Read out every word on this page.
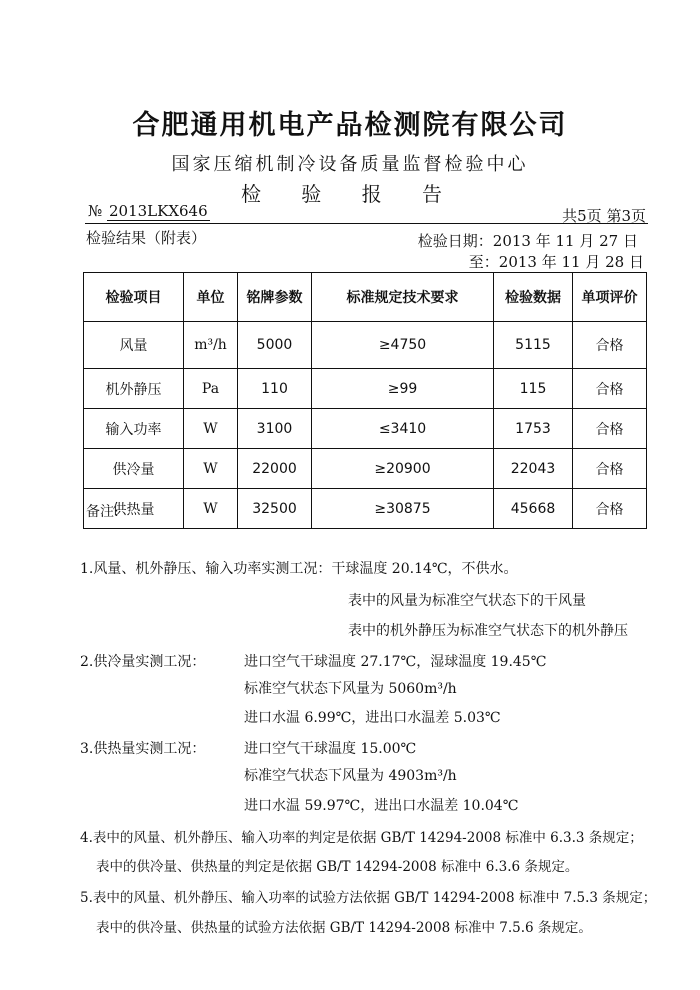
合肥通用机电产品检测院有限公司
国家压缩机制冷设备质量监督检验中心
检 验 报 告
№ 2013LKX646	共5页 第3页
检验结果（附表）	检验日期：2013 年 11 月 27 日
至：2013 年 11 月 28 日
检验项目	单位	铭牌参数	标准规定技术要求	检验数据	单项评价
风量	m³/h	5000	≥4750	5115	合格
机外静压	Pa	110	≥99	115	合格
输入功率	W	3100	≤3410	1753	合格
供冷量	W	22000	≥20900	22043	合格
供热量	W	32500	≥30875	45668	合格
备注:
1.风量、机外静压、输入功率实测工况：干球温度 20.14℃，不供水。
表中的风量为标准空气状态下的干风量
表中的机外静压为标准空气状态下的机外静压
2.供冷量实测工况：	进口空气干球温度 27.17℃，湿球温度 19.45℃
标准空气状态下风量为 5060m³/h
进口水温 6.99℃，进出口水温差 5.03℃
3.供热量实测工况：	进口空气干球温度 15.00℃
标准空气状态下风量为 4903m³/h
进口水温 59.97℃，进出口水温差 10.04℃
4.表中的风量、机外静压、输入功率的判定是依据 GB/T 14294-2008 标准中 6.3.3 条规定；
表中的供冷量、供热量的判定是依据 GB/T 14294-2008 标准中 6.3.6 条规定。
5.表中的风量、机外静压、输入功率的试验方法依据 GB/T 14294-2008 标准中 7.5.3 条规定；
表中的供冷量、供热量的试验方法依据 GB/T 14294-2008 标准中 7.5.6 条规定。
